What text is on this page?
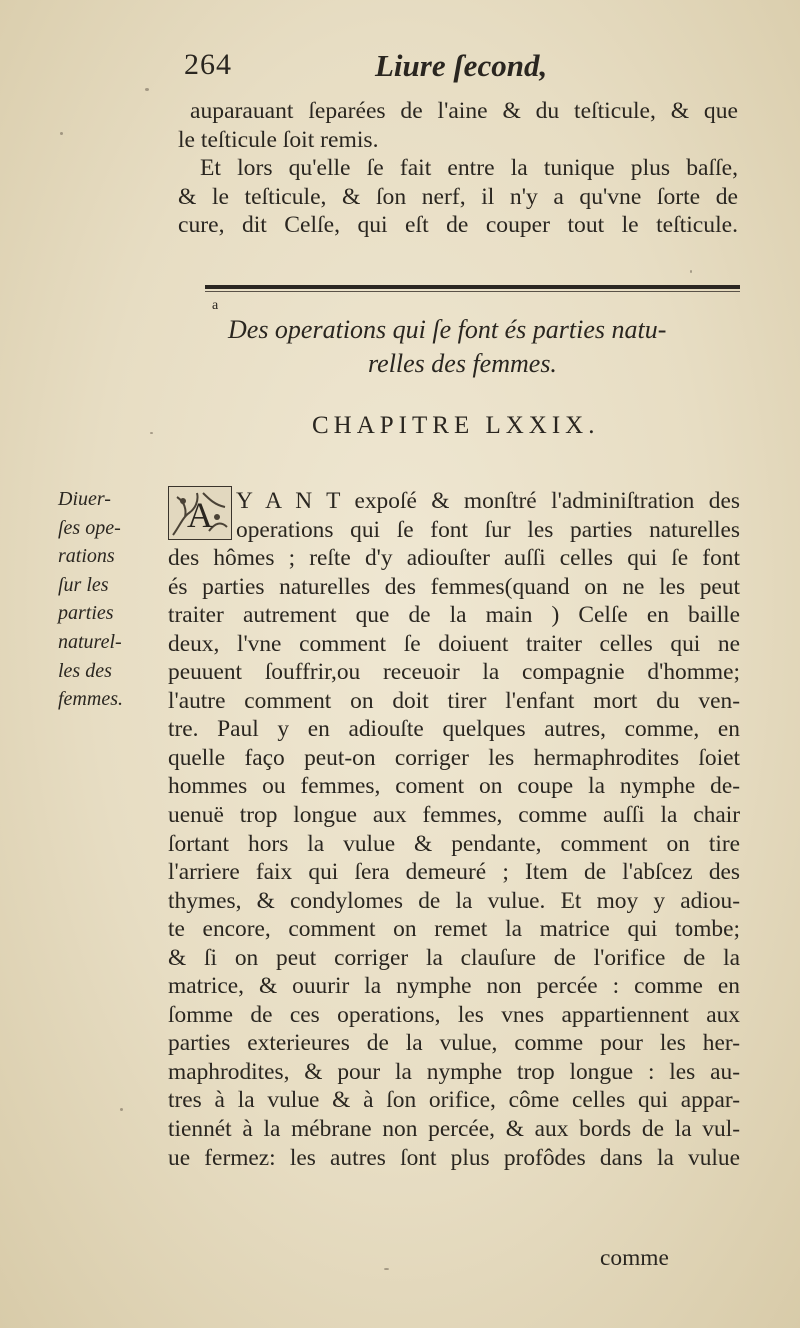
264	Liure ſecond,
auparauant ſeparées de l'aine & du teſticule, & que
le teſticule ſoit remis.
Et lors qu'elle ſe fait entre la tunique plus baſſe,
& le teſticule, & ſon nerf, il n'y a qu'vne ſorte de
cure, dit Celſe, qui eſt de couper tout le teſticule.
a
Des operations qui ſe font és parties natu-
relles des femmes.
CHAPITRE LXXIX.
Diuer-
ſes ope-
rations
ſur les
parties
naturel-
les des
femmes.
A Y A N T expoſé & monſtré l'adminiſtration des
operations qui ſe font ſur les parties naturelles
des hômes ; reſte d'y adiouſter auſſi celles qui ſe font
és parties naturelles des femmes(quand on ne les peut
traiter autrement que de la main ) Celſe en baille
deux, l'vne comment ſe doiuent traiter celles qui ne
peuuent ſouffrir,ou receuoir la compagnie d'homme;
l'autre comment on doit tirer l'enfant mort du ven-
tre. Paul y en adiouſte quelques autres, comme, en
quelle faço peut-on corriger les hermaphrodites ſoiet
hommes ou femmes, coment on coupe la nymphe de-
uenuë trop longue aux femmes, comme auſſi la chair
ſortant hors la vulue & pendante, comment on tire
l'arriere faix qui ſera demeuré ; Item de l'abſcez des
thymes, & condylomes de la vulue. Et moy y adiou-
te encore, comment on remet la matrice qui tombe;
& ſi on peut corriger la clauſure de l'orifice de la
matrice, & ouurir la nymphe non percée : comme en
ſomme de ces operations, les vnes appartiennent aux
parties exterieures de la vulue, comme pour les her-
maphrodites, & pour la nymphe trop longue : les au-
tres à la vulue & à ſon orifice, côme celles qui appar-
tiennét à la mébrane non percée, & aux bords de la vul-
ue fermez: les autres ſont plus profôdes dans la vulue
comme
